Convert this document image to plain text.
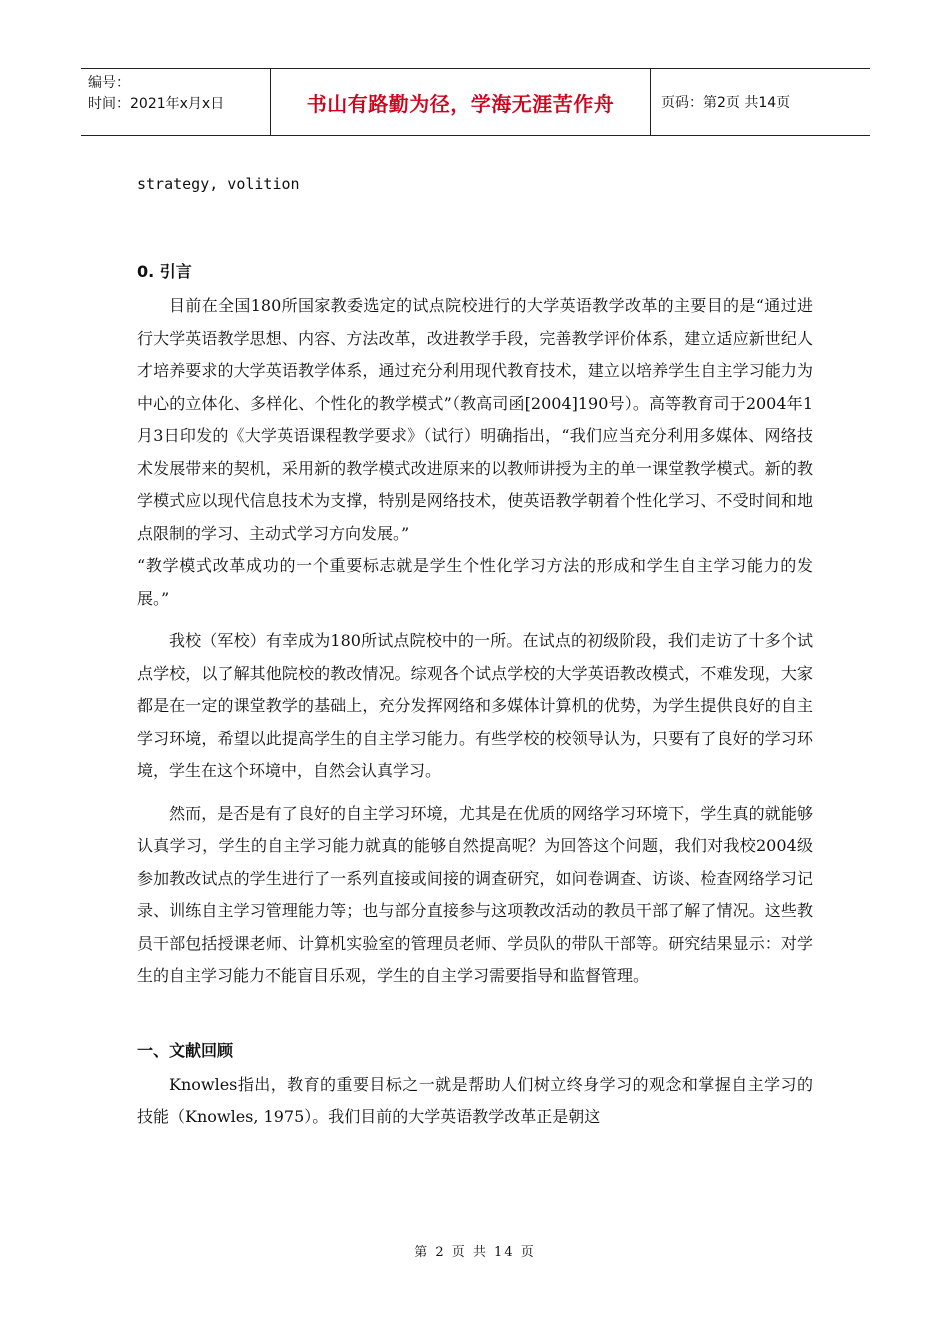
编号：
时间：2021年x月x日	书山有路勤为径，学海无涯苦作舟	页码：第2页 共14页

strategy, volition

0. 引言

目前在全国180所国家教委选定的试点院校进行的大学英语教学改革的主要目的是“通过进行大学英语教学思想、内容、方法改革，改进教学手段，完善教学评价体系，建立适应新世纪人才培养要求的大学英语教学体系，通过充分利用现代教育技术，建立以培养学生自主学习能力为中心的立体化、多样化、个性化的教学模式”（教高司函[2004]190号）。高等教育司于2004年1月3日印发的《大学英语课程教学要求》（试行）明确指出，“我们应当充分利用多媒体、网络技术发展带来的契机，采用新的教学模式改进原来的以教师讲授为主的单一课堂教学模式。新的教学模式应以现代信息技术为支撑，特别是网络技术，使英语教学朝着个性化学习、不受时间和地点限制的学习、主动式学习方向发展。”

“教学模式改革成功的一个重要标志就是学生个性化学习方法的形成和学生自主学习能力的发展。”

我校（军校）有幸成为180所试点院校中的一所。在试点的初级阶段，我们走访了十多个试点学校，以了解其他院校的教改情况。综观各个试点学校的大学英语教改模式，不难发现，大家都是在一定的课堂教学的基础上，充分发挥网络和多媒体计算机的优势，为学生提供良好的自主学习环境，希望以此提高学生的自主学习能力。有些学校的校领导认为，只要有了良好的学习环境，学生在这个环境中，自然会认真学习。

然而，是否是有了良好的自主学习环境，尤其是在优质的网络学习环境下，学生真的就能够认真学习，学生的自主学习能力就真的能够自然提高呢？为回答这个问题，我们对我校2004级参加教改试点的学生进行了一系列直接或间接的调查研究，如问卷调查、访谈、检查网络学习记录、训练自主学习管理能力等；也与部分直接参与这项教改活动的教员干部了解了情况。这些教员干部包括授课老师、计算机实验室的管理员老师、学员队的带队干部等。研究结果显示：对学生的自主学习能力不能盲目乐观，学生的自主学习需要指导和监督管理。

一、文献回顾

Knowles指出，教育的重要目标之一就是帮助人们树立终身学习的观念和掌握自主学习的技能（Knowles, 1975）。我们目前的大学英语教学改革正是朝这

第 2 页 共 14 页
